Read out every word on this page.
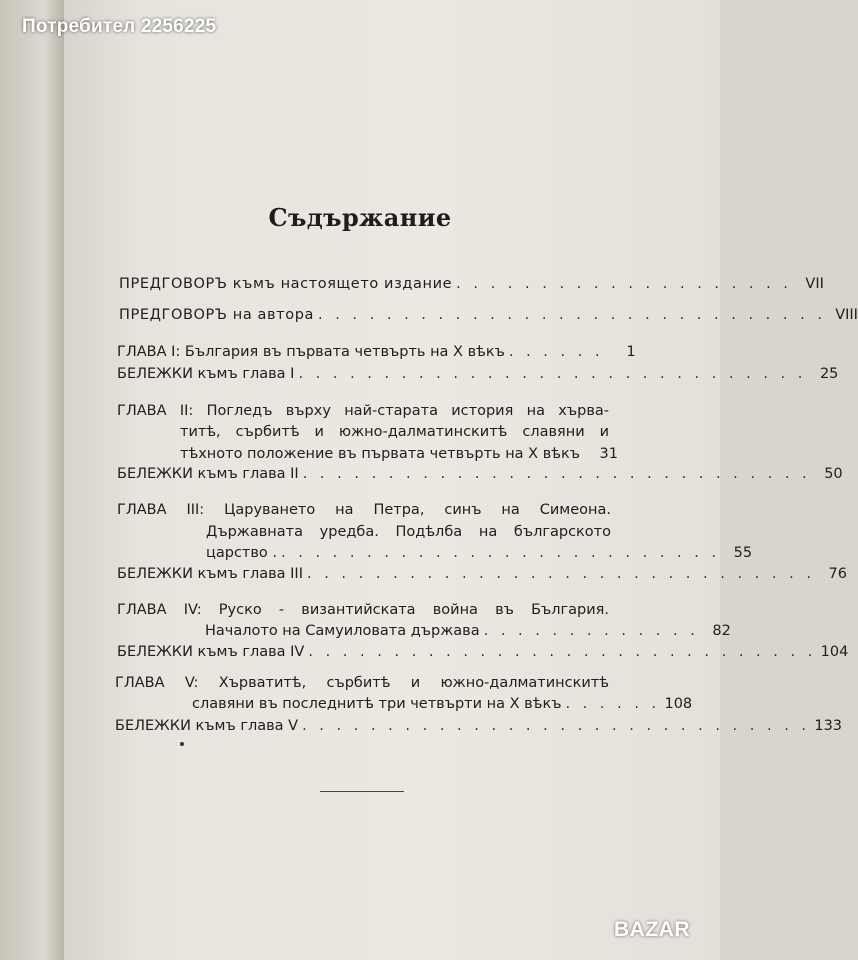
Потребител 2256225
Съдържание
ПРЕДГОВОРЪ къмъ настоящето издание . . . . . . . . . . . . . . . . . . . . VII
ПРЕДГОВОРЪ на автора . . . . . . . . . . . . . . . . . . . . . . . . . . . . . . VIII
ГЛАВА I: България въ първата четвърть на X вѣкъ . . . . . .	1
БЕЛЕЖКИ къмъ глава I . . . . . . . . . . . . . . . . . . . . . . . . . . . . . . 25
ГЛАВА II: Погледъ върху най-старата история на хърва-
титѣ, сърбитѣ и южно-далматинскитѣ славяни и
тѣхното положение въ първата четвърть на X вѣкъ	31
БЕЛЕЖКИ къмъ глава II . . . . . . . . . . . . . . . . . . . . . . . . . . . . . . 50
ГЛАВА III: Царуването на Петра, синъ на Симеона.
Държавната уредба. Подѣлба на българското
царство . . . . . . . . . . . . . . . . . . . . . . . . . . . 55
БЕЛЕЖКИ къмъ глава III . . . . . . . . . . . . . . . . . . . . . . . . . . . . . . 76
ГЛАВА IV: Руско - византийската война въ България.
Началото на Самуиловата държава . . . . . . . . . . . . . 82
БЕЛЕЖКИ къмъ глава IV . . . . . . . . . . . . . . . . . . . . . . . . . . . . . . 104
ГЛАВА V: Хърватитѣ, сърбитѣ и южно-далматинскитѣ
славяни въ последнитѣ три четвърти на X вѣкъ . . . . . . 108
БЕЛЕЖКИ къмъ глава V . . . . . . . . . . . . . . . . . . . . . . . . . . . . . . 133
BAZAR
